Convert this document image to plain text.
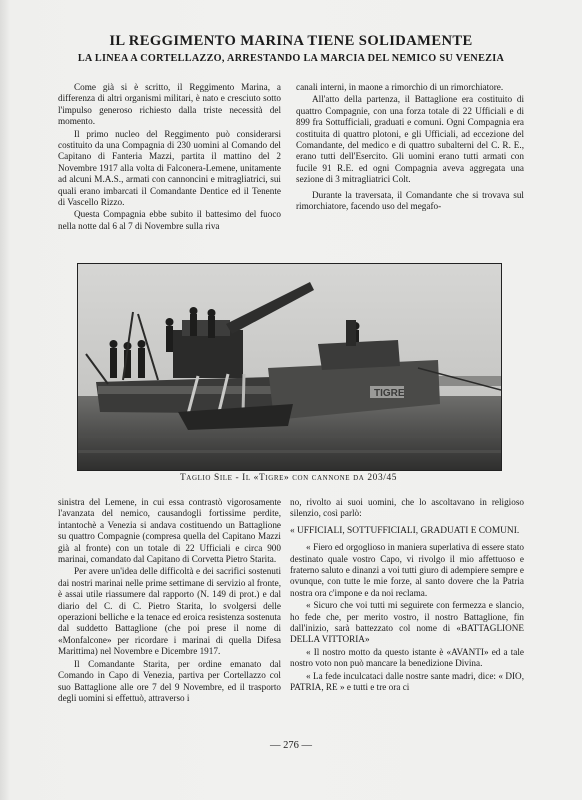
IL REGGIMENTO MARINA TIENE SOLIDAMENTE
LA LINEA A CORTELLAZZO, ARRESTANDO LA MARCIA DEL NEMICO SU VENEZIA

Come già si è scritto, il Reggimento Marina, a differenza di altri organismi militari, è nato e cresciuto sotto l'impulso generoso richiesto dalla triste necessità del momento.

Il primo nucleo del Reggimento può considerarsi costituito da una Compagnia di 230 uomini al Comando del Capitano di Fanteria Mazzi, partita il mattino del 2 Novembre 1917 alla volta di Falconera-Lemene, unitamente ad alcuni M.A.S., armati con cannoncini e mitragliatrici, sui quali erano imbarcati il Comandante Dentice ed il Tenente di Vascello Rizzo.

Questa Compagnia ebbe subito il battesimo del fuoco nella notte dal 6 al 7 di Novembre sulla riva

canali interni, in maone a rimorchio di un rimorchiatore.

All'atto della partenza, il Battaglione era costituito di quattro Compagnie, con una forza totale di 22 Ufficiali e di 899 fra Sottufficiali, graduati e comuni. Ogni Compagnia era costituita di quattro plotoni, e gli Ufficiali, ad eccezione del Comandante, del medico e di quattro subalterni del C. R. E., erano tutti dell'Esercito. Gli uomini erano tutti armati con fucile 91 R.E. ed ogni Compagnia aveva aggregata una sezione di 3 mitragliatrici Colt.

Durante la traversata, il Comandante che si trovava sul rimorchiatore, facendo uso del megafo-

TIGRE
Taglio Sile - Il «Tigre» con cannone da 203/45

sinistra del Lemene, in cui essa contrastò vigorosamente l'avanzata del nemico, causandogli fortissime perdite, intantochè a Venezia si andava costituendo un Battaglione su quattro Compagnie (compresa quella del Capitano Mazzi già al fronte) con un totale di 22 Ufficiali e circa 900 marinai, comandato dal Capitano di Corvetta Pietro Starita.

Per avere un'idea delle difficoltà e dei sacrifici sostenuti dai nostri marinai nelle prime settimane di servizio al fronte, è assai utile riassumere dal rapporto (N. 149 di prot.) e dal diario del C. di C. Pietro Starita, lo svolgersi delle operazioni belliche e la tenace ed eroica resistenza sostenuta dal suddetto Battaglione (che poi prese il nome di «Monfalcone» per ricordare i marinai di quella Difesa Marittima) nel Novembre e Dicembre 1917.

Il Comandante Starita, per ordine emanato dal Comando in Capo di Venezia, partiva per Cortellazzo col suo Battaglione alle ore 7 del 9 Novembre, ed il trasporto degli uomini si effettuò, attraverso i

no, rivolto ai suoi uomini, che lo ascoltavano in religioso silenzio, così parlò:

« UFFICIALI, SOTTUFFICIALI, GRADUATI E COMUNI.

« Fiero ed orgoglioso in maniera superlativa di essere stato destinato quale vostro Capo, vi rivolgo il mio affettuoso e fraterno saluto e dinanzi a voi tutti giuro di adempiere sempre e ovunque, con tutte le mie forze, al santo dovere che la Patria nostra ora c'impone e da noi reclama.

« Sicuro che voi tutti mi seguirete con fermezza e slancio, ho fede che, per merito vostro, il nostro Battaglione, fin dall'inizio, sarà battezzato col nome di «BATTAGLIONE DELLA VITTORIA»

« Il nostro motto da questo istante è «AVANTI» ed a tale nostro voto non può mancare la benedizione Divina.

« La fede inculcataci dalle nostre sante madri, dice: « DIO, PATRIA, RE » e tutti e tre ora ci

— 276 —
